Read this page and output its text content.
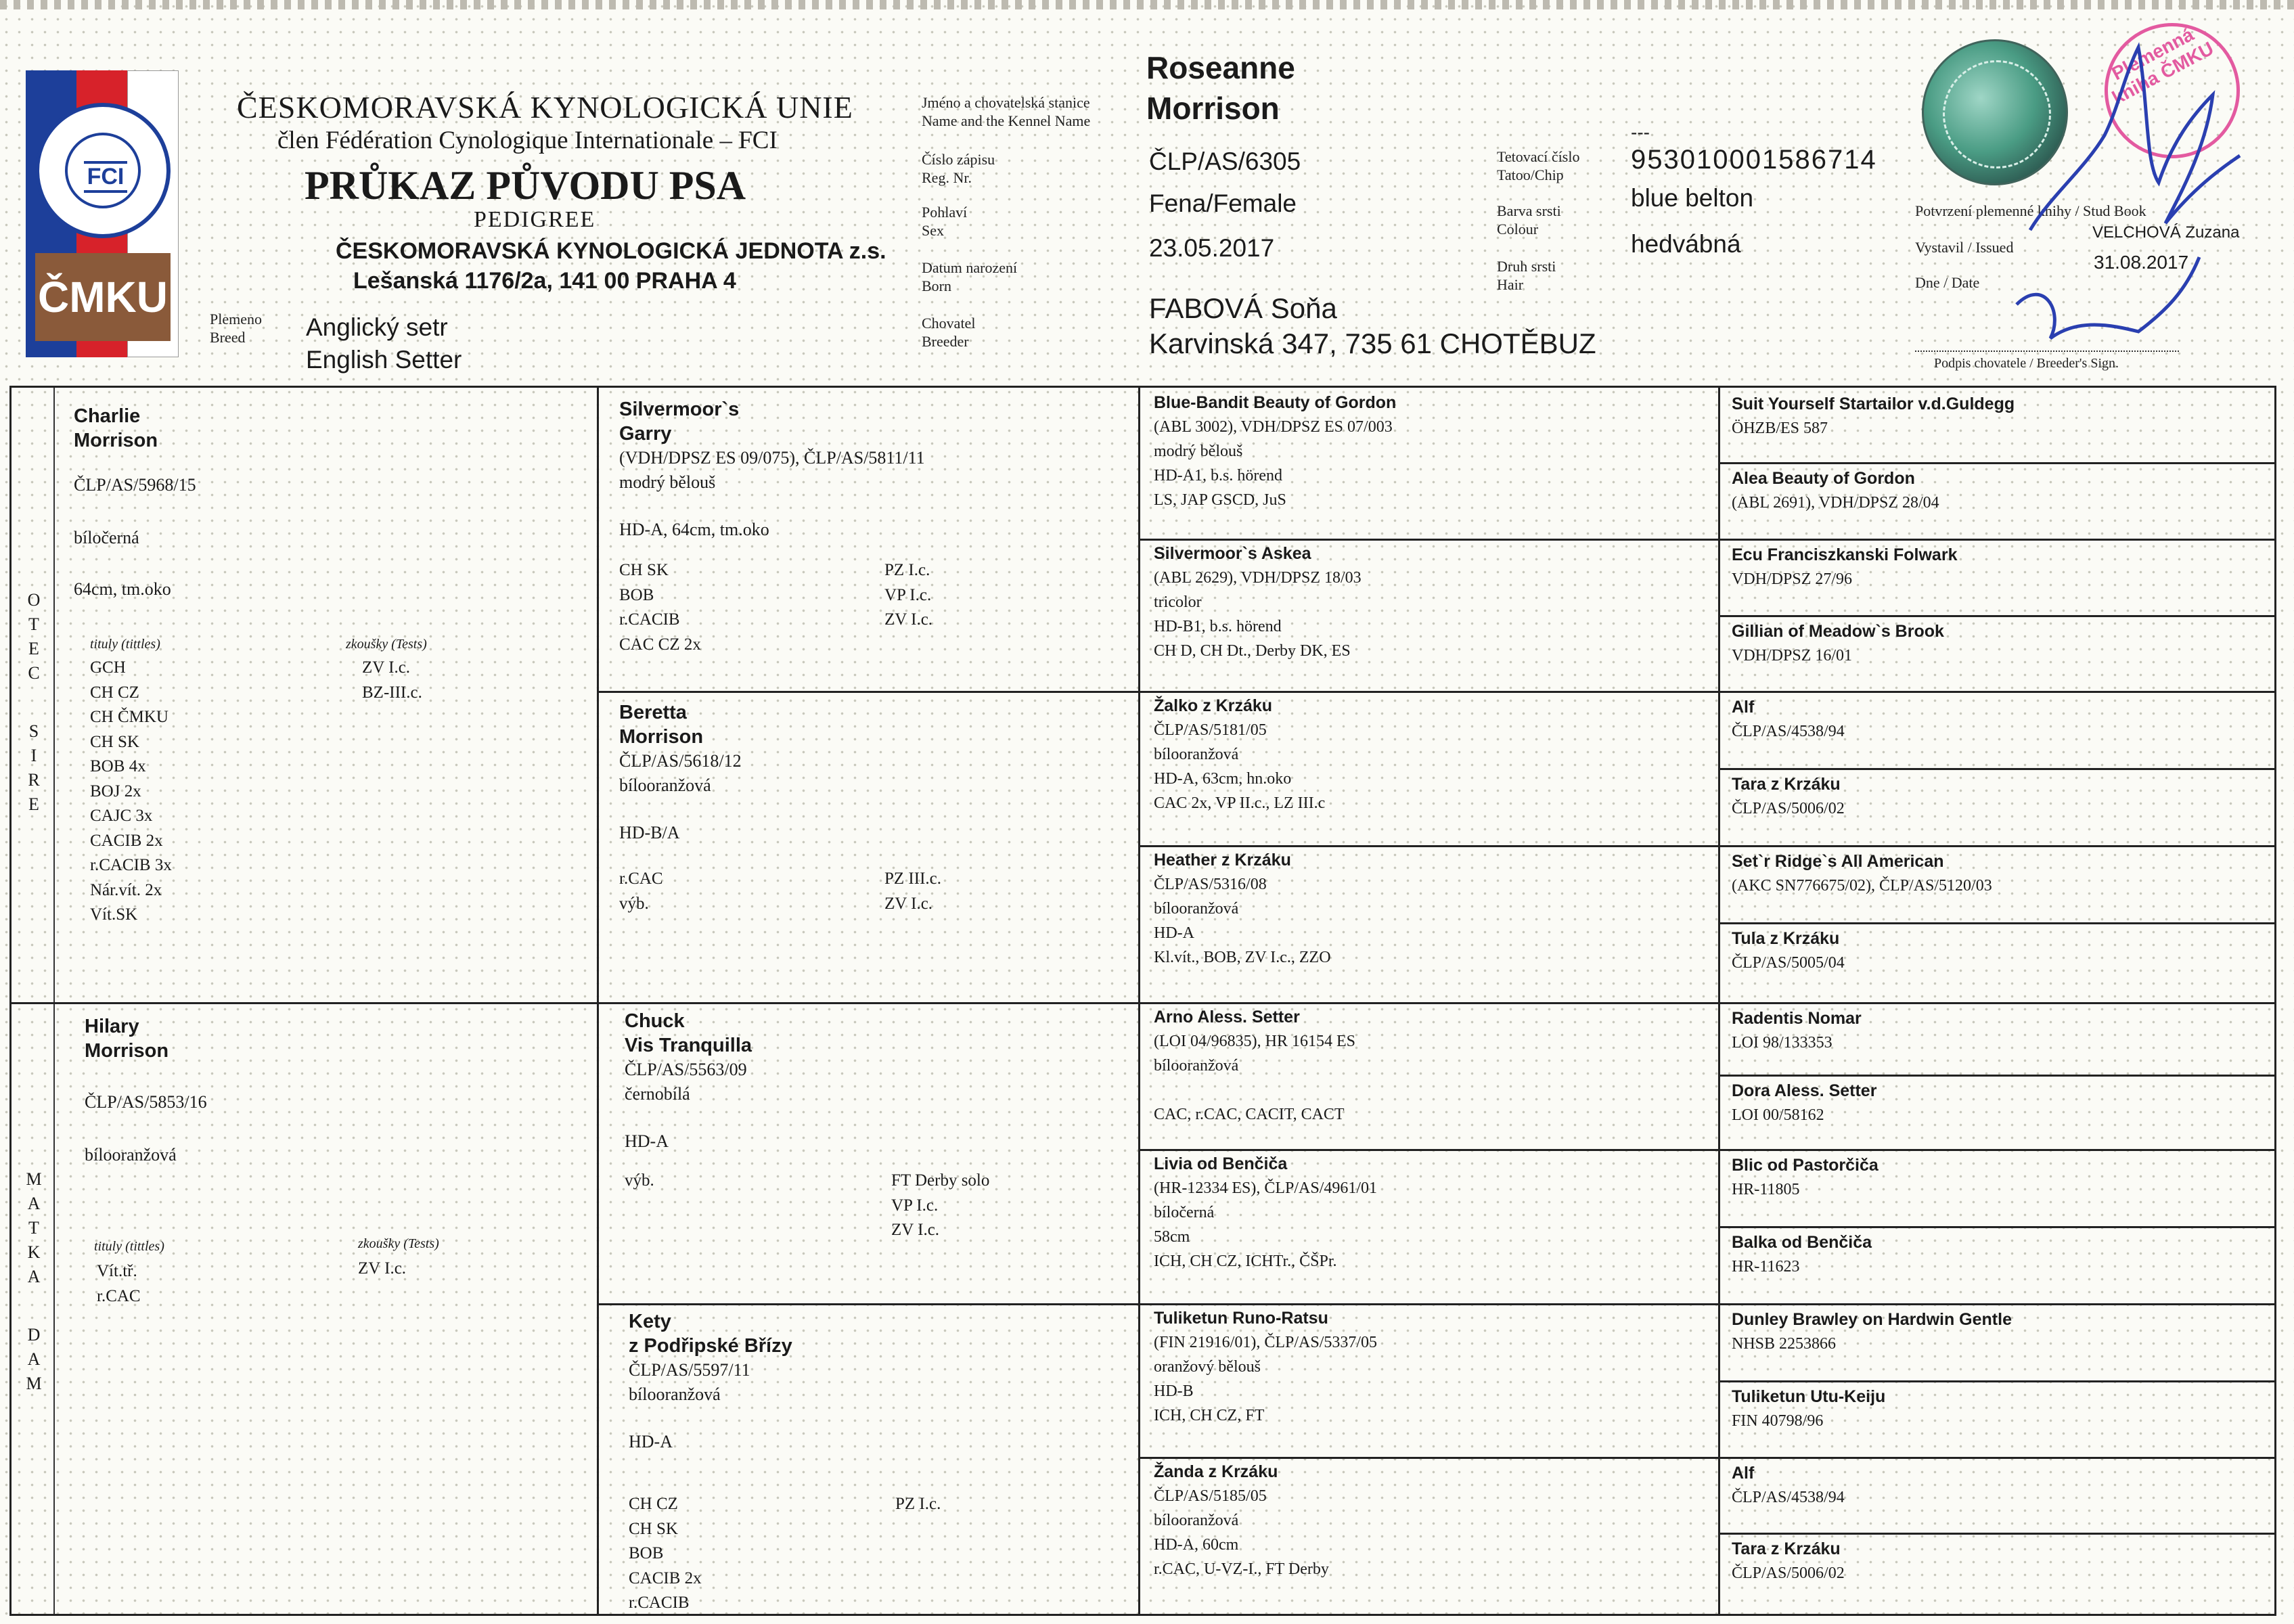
FCI
ČMKU
ČESKOMORAVSKÁ KYNOLOGICKÁ UNIE
člen Fédération Cynologique Internationale – FCI
PRŮKAZ PŮVODU PSA
PEDIGREE
ČESKOMORAVSKÁ KYNOLOGICKÁ JEDNOTA z.s.
Lešanská 1176/2a, 141 00 PRAHA 4
Plemeno
Breed	Anglický setr
English Setter
Jméno a chovatelská stanice
Name and the Kennel Name
Číslo zápisu
Reg. Nr.
Pohlaví
Sex
Datum narození
Born
Chovatel
Breeder
Roseanne
Morrison
ČLP/AS/6305
Fena/Female
23.05.2017
FABOVÁ Soňa
Karvinská 347, 735 61 CHOTĚBUZ
Tetovací číslo
Tatoo/Chip
Barva srsti
Colour
Druh srsti
Hair
---
953010001586714
blue belton
hedvábná
Plemenná kniha ČMKU
Potvrzení plemenné knihy / Stud Book
Vystavil / Issued
VELCHOVÁ Zuzana
Dne / Date
31.08.2017
Podpis chovatele / Breeder's Sign.
O
T
E
C
S
I
R
E
M
A
T
K
A
D
A
M
Charlie
Morrison
ČLP/AS/5968/15
bíločerná
64cm, tm.oko
tituly (tittles)	zkoušky (Tests)
GCH
CH CZ
CH ČMKU
CH SK
BOB 4x
BOJ 2x
CAJC 3x
CACIB 2x
r.CACIB 3x
Nár.vít. 2x
Vít.SK
ZV I.c.
BZ-III.c.
Hilary
Morrison
ČLP/AS/5853/16
bílooranžová
tituly (tittles)	zkoušky (Tests)
Vít.tř.
r.CAC
ZV I.c.
Silvermoor`s
Garry
(VDH/DPSZ ES 09/075), ČLP/AS/5811/11
modrý bělouš
HD-A, 64cm, tm.oko
CH SK
BOB
r.CACIB
CAC CZ 2x
PZ I.c.
VP I.c.
ZV I.c.
Beretta
Morrison
ČLP/AS/5618/12
bílooranžová
HD-B/A
r.CAC
výb.
PZ III.c.
ZV I.c.
Chuck
Vis Tranquilla
ČLP/AS/5563/09
černobílá
HD-A
výb.	FT Derby solo
VP I.c.
ZV I.c.
Kety
z Podřipské Břízy
ČLP/AS/5597/11
bílooranžová
HD-A
CH CZ
CH SK
BOB
CACIB 2x
r.CACIB
PZ I.c.
Blue-Bandit Beauty of Gordon
(ABL 3002), VDH/DPSZ ES 07/003
modrý bělouš
HD-A1, b.s. hörend
LS, JAP GSCD, JuS
Silvermoor`s Askea
(ABL 2629), VDH/DPSZ 18/03
tricolor
HD-B1, b.s. hörend
CH D, CH Dt., Derby DK, ES
Žalko z Krzáku
ČLP/AS/5181/05
bílooranžová
HD-A, 63cm, hn.oko
CAC 2x, VP II.c., LZ III.c
Heather z Krzáku
ČLP/AS/5316/08
bílooranžová
HD-A
Kl.vít., BOB, ZV I.c., ZZO
Arno Aless. Setter
(LOI 04/96835), HR 16154 ES
bílooranžová
CAC, r.CAC, CACIT, CACT
Livia od Benčiča
(HR-12334 ES), ČLP/AS/4961/01
bíločerná
58cm
ICH, CH CZ, ICHTr., ČŠPr.
Tuliketun Runo-Ratsu
(FIN 21916/01), ČLP/AS/5337/05
oranžový bělouš
HD-B
ICH, CH CZ, FT
Žanda z Krzáku
ČLP/AS/5185/05
bílooranžová
HD-A, 60cm
r.CAC, U-VZ-I., FT Derby
Suit Yourself Startailor v.d.Guldegg
ÖHZB/ES 587
Alea Beauty of Gordon
(ABL 2691), VDH/DPSZ 28/04
Ecu Franciszkanski Folwark
VDH/DPSZ 27/96
Gillian of Meadow`s Brook
VDH/DPSZ 16/01
Alf
ČLP/AS/4538/94
Tara z Krzáku
ČLP/AS/5006/02
Set`r Ridge`s All American
(AKC SN776675/02), ČLP/AS/5120/03
Tula z Krzáku
ČLP/AS/5005/04
Radentis Nomar
LOI 98/133353
Dora Aless. Setter
LOI 00/58162
Blic od Pastorčiča
HR-11805
Balka od Benčiča
HR-11623
Dunley Brawley on Hardwin Gentle
NHSB 2253866
Tuliketun Utu-Keiju
FIN 40798/96
Alf
ČLP/AS/4538/94
Tara z Krzáku
ČLP/AS/5006/02
